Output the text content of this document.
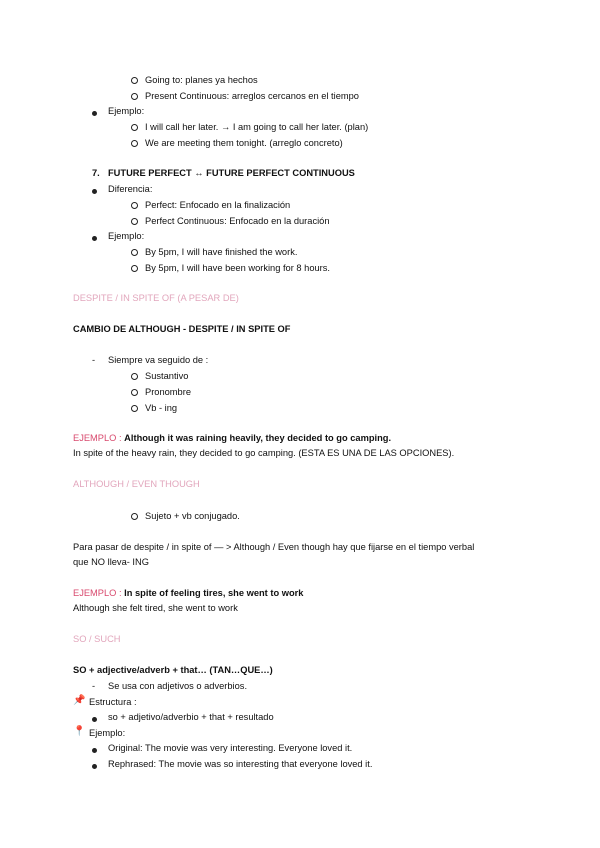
Going to: planes ya hechos
Present Continuous: arreglos cercanos en el tiempo
Ejemplo:
I will call her later. → I am going to call her later. (plan)
We are meeting them tonight. (arreglo concreto)
7. FUTURE PERFECT ↔ FUTURE PERFECT CONTINUOUS
Diferencia:
Perfect: Enfocado en la finalización
Perfect Continuous: Enfocado en la duración
Ejemplo:
By 5pm, I will have finished the work.
By 5pm, I will have been working for 8 hours.
DESPITE / IN SPITE OF (A PESAR DE)
CAMBIO DE ALTHOUGH - DESPITE / IN SPITE OF
- Siempre va seguido de :
Sustantivo
Pronombre
Vb - ing
EJEMPLO : Although it was raining heavily, they decided to go camping.
In spite of the heavy rain, they decided to go camping. (ESTA ES UNA DE LAS OPCIONES).
ALTHOUGH / EVEN THOUGH
Sujeto + vb conjugado.
Para pasar de despite / in spite of — > Although / Even though hay que fijarse en el tiempo verbal
que NO lleva- ING
EJEMPLO : In spite of feeling tires, she went to work
Although she felt tired, she went to work
SO / SUCH
SO + adjective/adverb + that… (TAN…QUE…)
- Se usa con adjetivos o adverbios.
📌 Estructura :
so + adjetivo/adverbio + that + resultado
📍 Ejemplo:
Original: The movie was very interesting. Everyone loved it.
Rephrased: The movie was so interesting that everyone loved it.
